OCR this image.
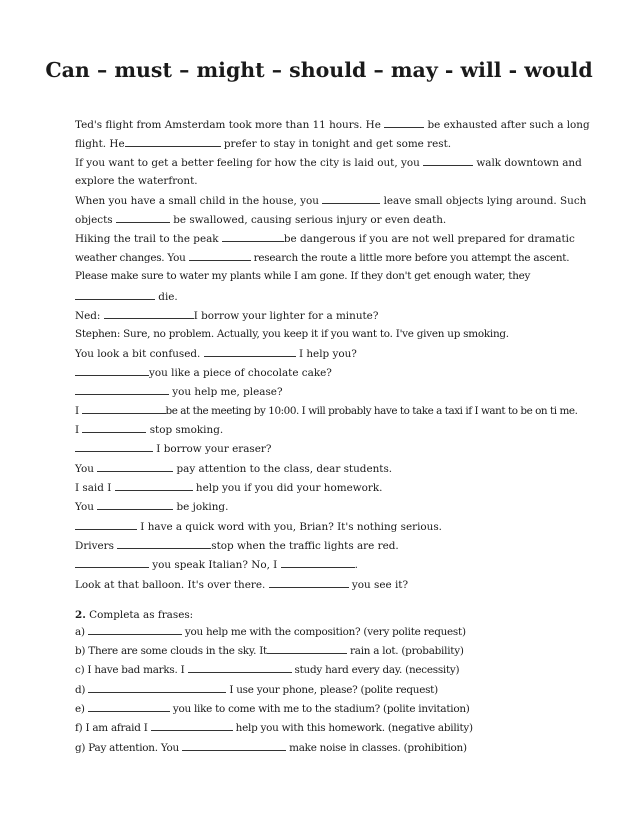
Can – must – might – should – may - will - would
Ted's flight from Amsterdam took more than 11 hours. He	be exhausted after such a long
flight. He	prefer to stay in tonight and get some rest.
If you want to get a better feeling for how the city is laid out, you	walk downtown and
explore the waterfront.
When you have a small child in the house, you	leave small objects lying around. Such
objects	be swallowed, causing serious injury or even death.
Hiking the trail to the peak	be dangerous if you are not well prepared for dramatic
weather changes. You	research the route a little more before you attempt the ascent.
Please make sure to water my plants while I am gone. If they don't get enough water, they
die.
Ned:	I borrow your lighter for a minute?
Stephen: Sure, no problem. Actually, you keep it if you want to. I've given up smoking.
You look a bit confused.	I help you?
you like a piece of chocolate cake?
you help me, please?
I	be at the meeting by 10:00. I will probably have to take a taxi if I want to be on ti me.
I	stop smoking.
I borrow your eraser?
You	pay attention to the class, dear students.
I said I	help you if you did your homework.
You	be joking.
I have a quick word with you, Brian? It's nothing serious.
Drivers	stop when the traffic lights are red.
you speak Italian? No, I	.
Look at that balloon. It's over there.	you see it?
2. Completa as frases:
a)	you help me with the composition? (very polite request)
b) There are some clouds in the sky. It	rain a lot. (probability)
c) I have bad marks. I	study hard every day. (necessity)
d)	I use your phone, please? (polite request)
e)	you like to come with me to the stadium? (polite invitation)
f) I am afraid I	help you with this homework. (negative ability)
g) Pay attention. You	make noise in classes. (prohibition)
